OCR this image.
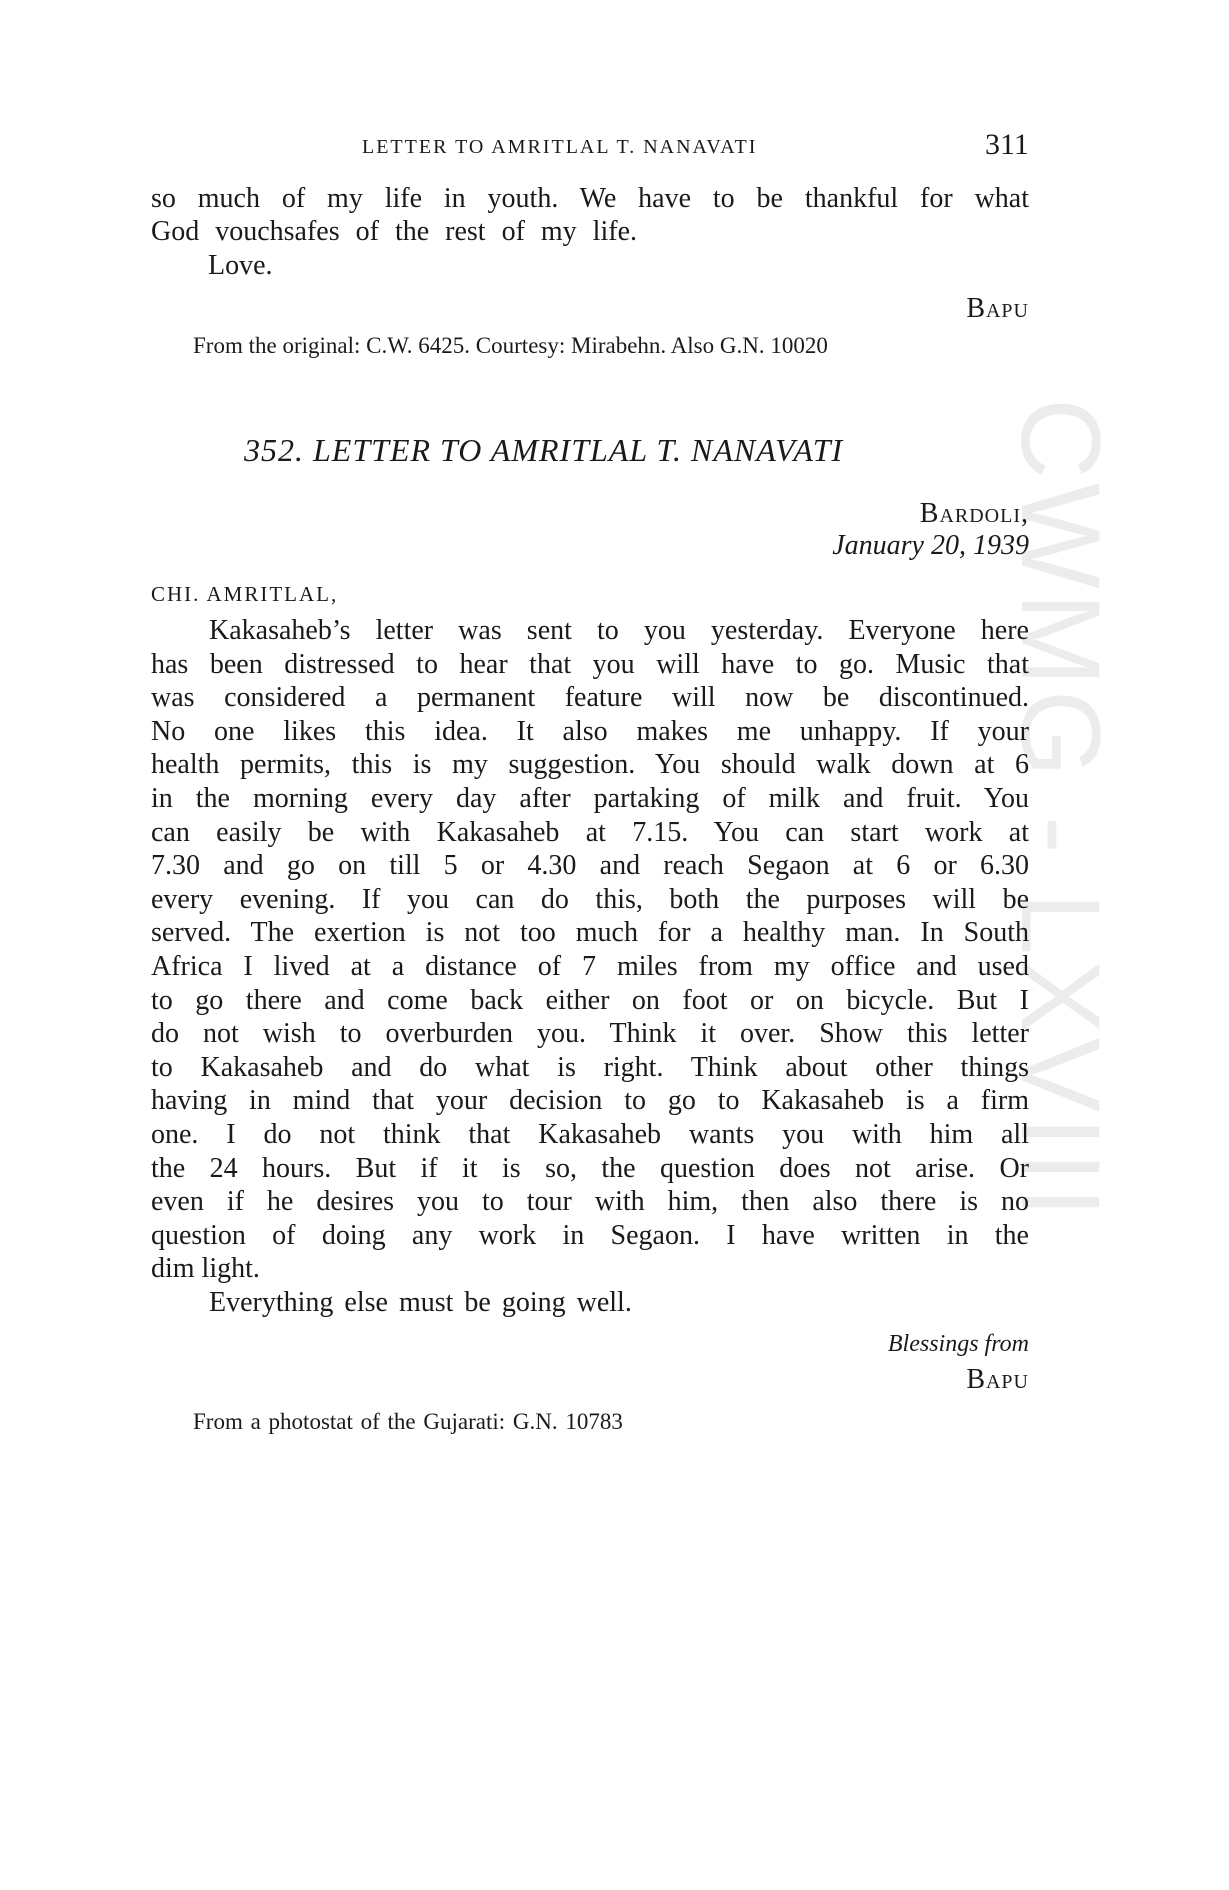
CWMG - LXVIII
LETTER TO AMRITLAL T. NANAVATI	311
so much of my life in youth. We have to be thankful for what
God vouchsafes of the rest of my life.
Love.
Bapu
From the original: C.W. 6425. Courtesy: Mirabehn. Also G.N. 10020
352. LETTER TO AMRITLAL T. NANAVATI
Bardoli,
January 20, 1939
CHI. AMRITLAL,
Kakasaheb’s letter was sent to you yesterday. Everyone here
has been distressed to hear that you will have to go. Music that
was considered a permanent feature will now be discontinued.
No one likes this idea. It also makes me unhappy. If your
health permits, this is my suggestion. You should walk down at 6
in the morning every day after partaking of milk and fruit. You
can easily be with Kakasaheb at 7.15. You can start work at
7.30 and go on till 5 or 4.30 and reach Segaon at 6 or 6.30
every evening. If you can do this, both the purposes will be
served. The exertion is not too much for a healthy man. In South
Africa I lived at a distance of 7 miles from my office and used
to go there and come back either on foot or on bicycle. But I
do not wish to overburden you. Think it over. Show this letter
to Kakasaheb and do what is right. Think about other things
having in mind that your decision to go to Kakasaheb is a firm
one. I do not think that Kakasaheb wants you with him all
the 24 hours. But if it is so, the question does not arise. Or
even if he desires you to tour with him, then also there is no
question of doing any work in Segaon. I have written in the
dim light.
Everything else must be going well.
Blessings from
Bapu
From a photostat of the Gujarati: G.N. 10783
